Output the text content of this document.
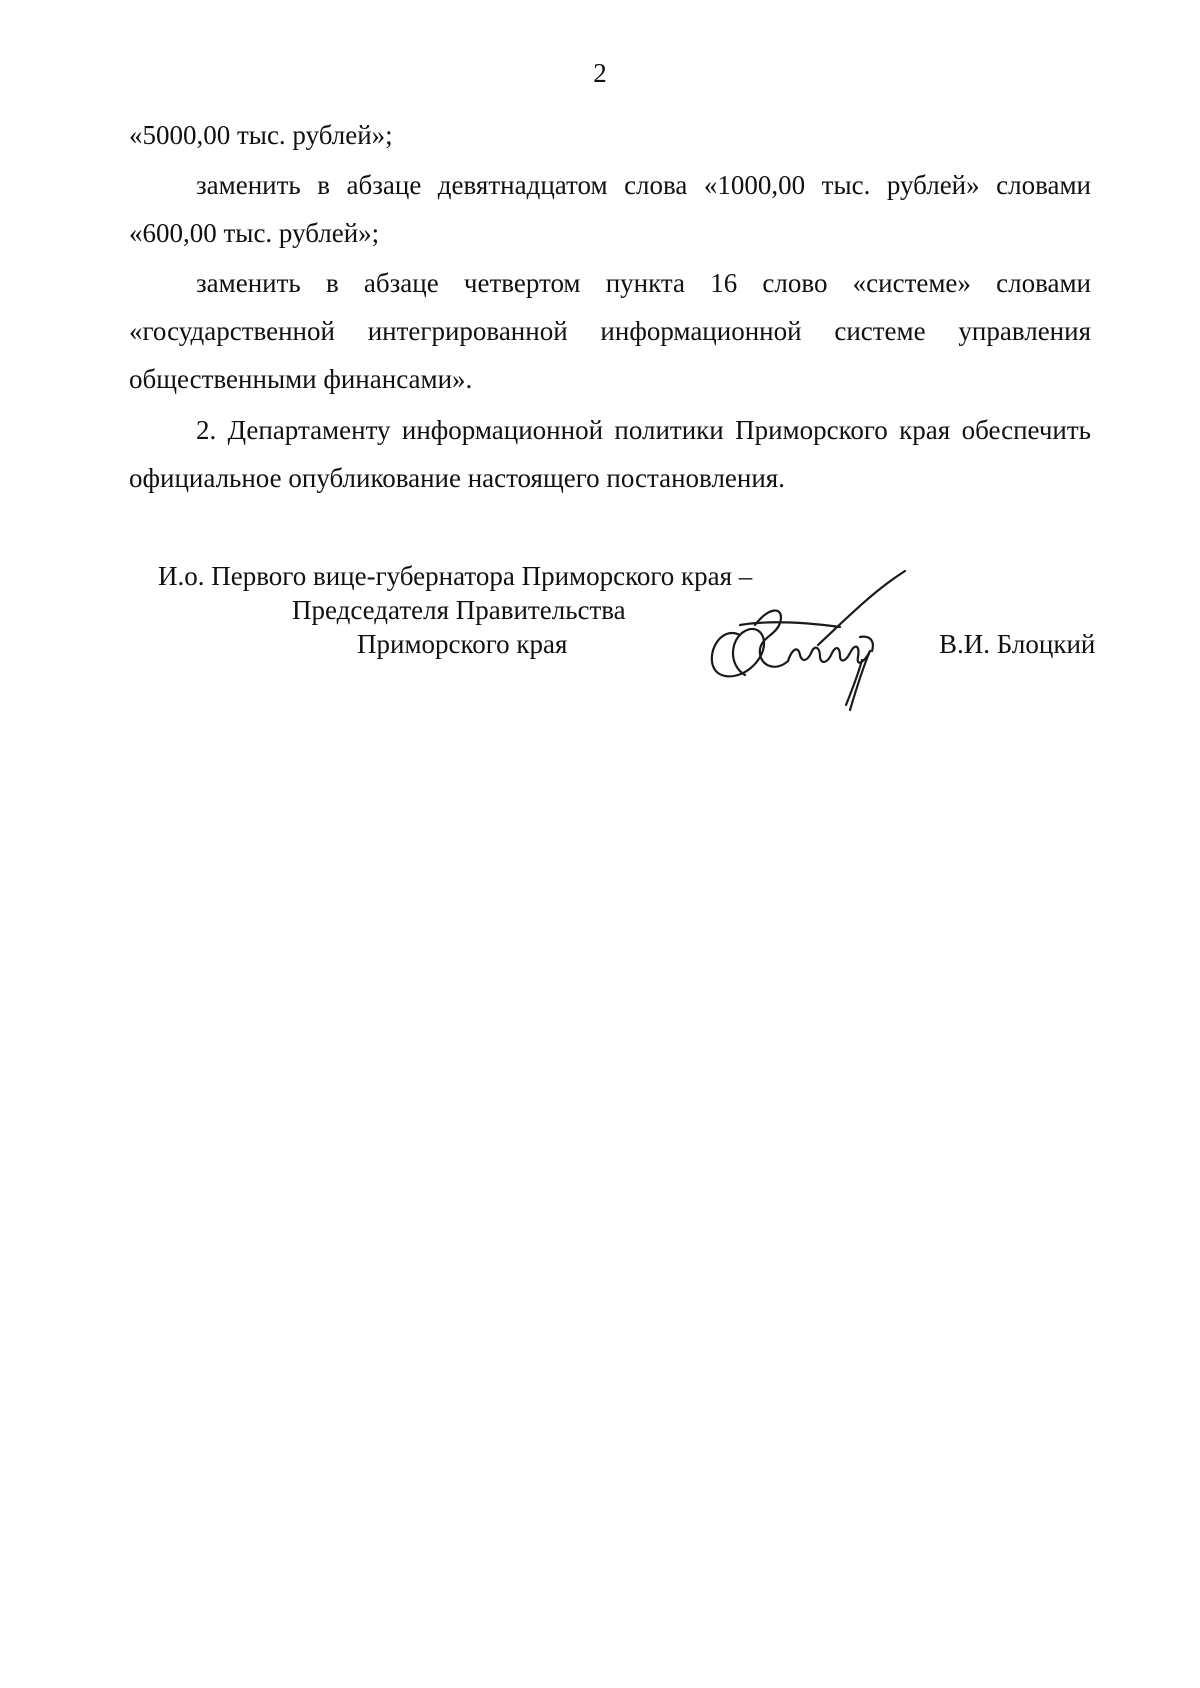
2

«5000,00 тыс. рублей»;

заменить в абзаце девятнадцатом слова «1000,00 тыс. рублей» словами «600,00 тыс. рублей»;

заменить в абзаце четвертом пункта 16 слово «системе» словами «государственной интегрированной информационной системе управления общественными финансами».

2. Департаменту информационной политики Приморского края обеспечить официальное опубликование настоящего постановления.

И.о. Первого вице-губернатора Приморского края –
Председателя Правительства
Приморского края	В.И. Блоцкий
